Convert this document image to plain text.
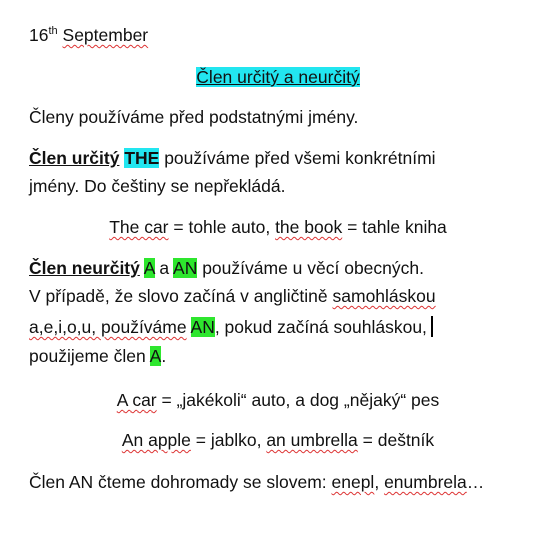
16th September
Člen určitý a neurčitý
Členy používáme před podstatnými jmény.
Člen určitý THE používáme před všemi konkrétními
jmény. Do češtiny se nepřekládá.
The car = tohle auto, the book = tahle kniha
Člen neurčitý A a AN používáme u věcí obecných.
V případě, že slovo začíná v angličtině samohláskou
a,e,i,o,u, používáme AN, pokud začíná souhláskou,
použijeme člen A.
A car = „jakékoli“ auto, a dog „nějaký“ pes
An apple = jablko, an umbrella = deštník
Člen AN čteme dohromady se slovem: enepl, enumbrela…
